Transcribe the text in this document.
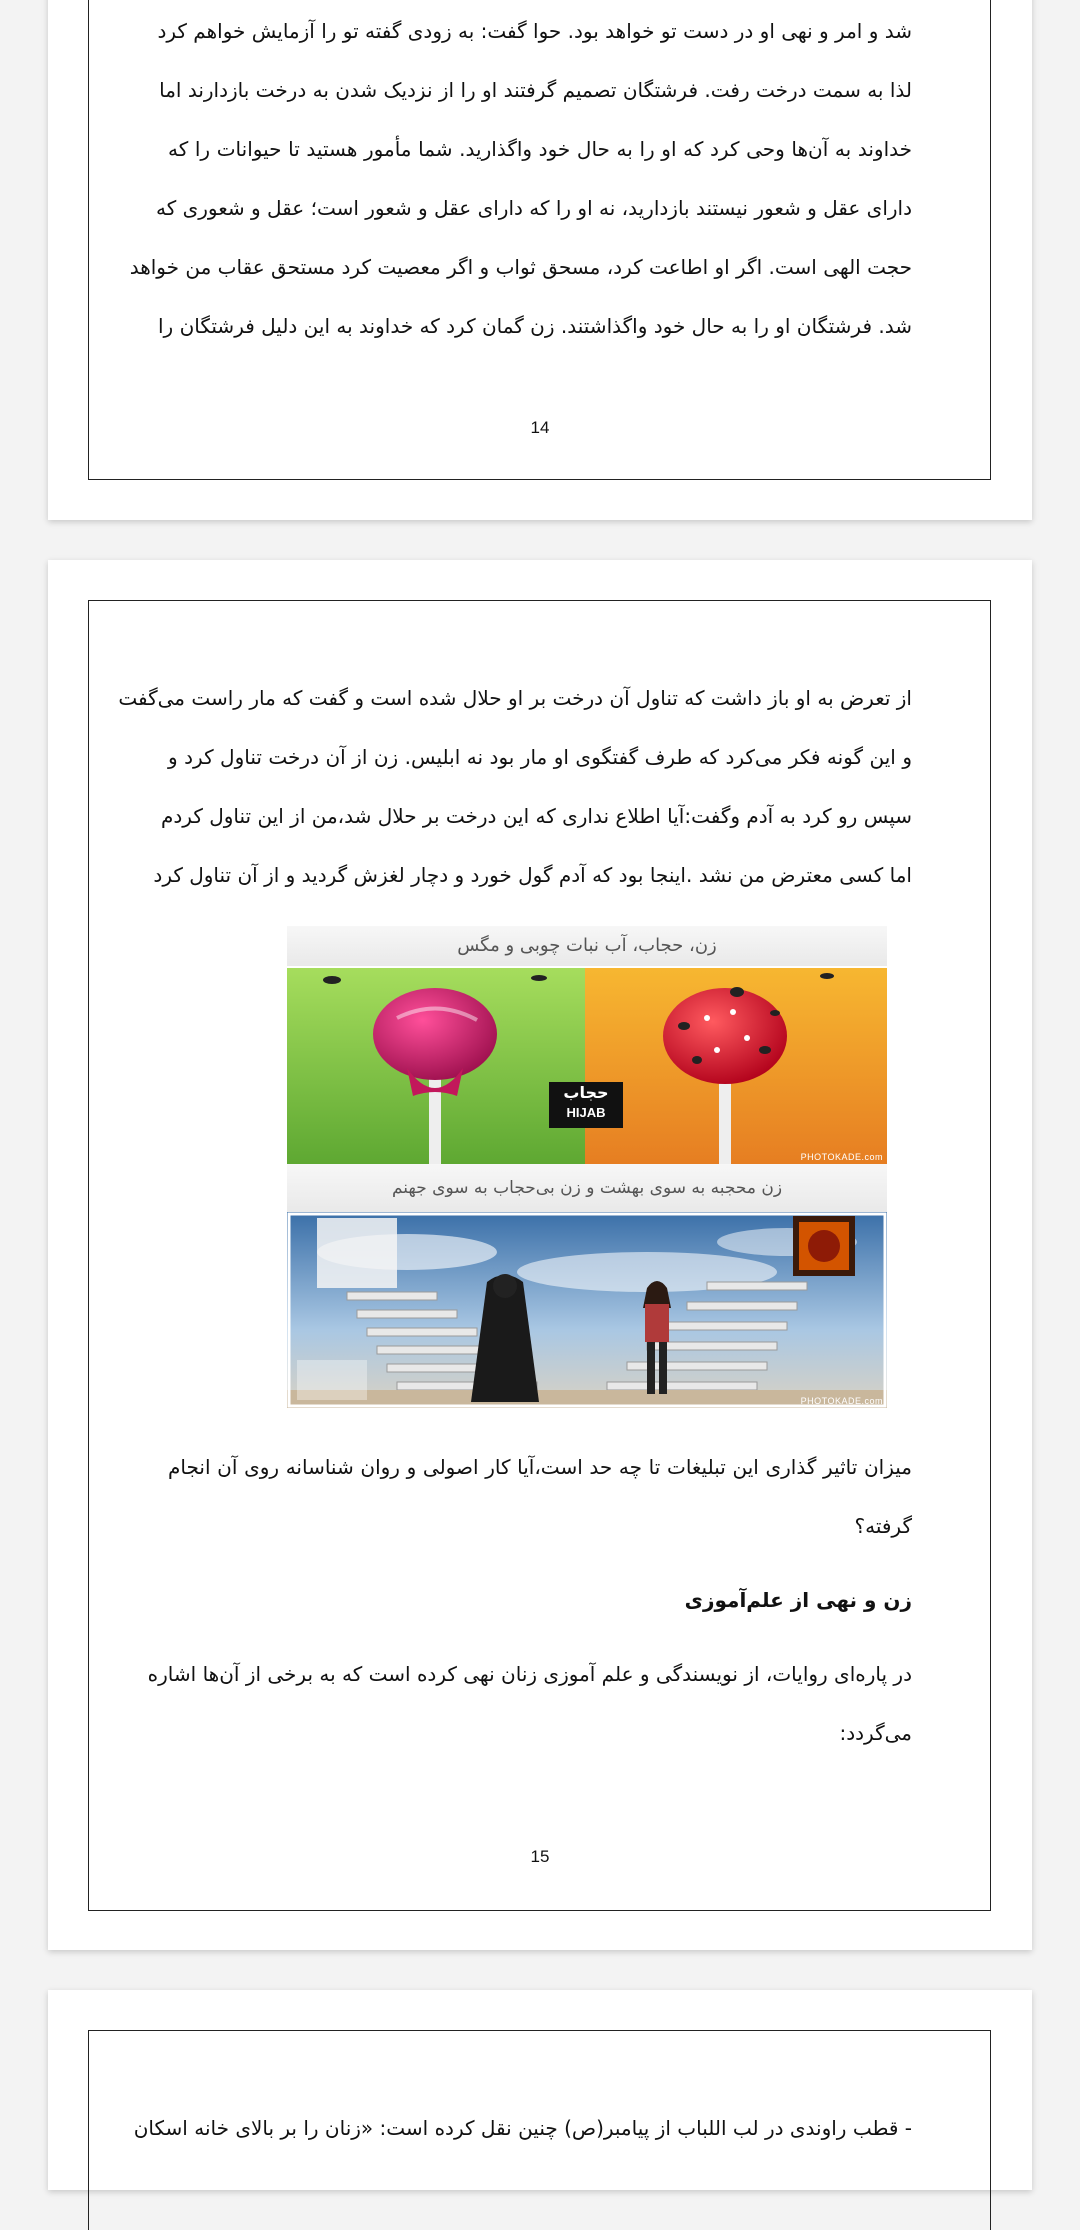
شد و امر و نهی او در دست تو خواهد بود. حوا گفت: به زودی گفته تو را آزمایش خواهم کرد
لذا به سمت درخت رفت. فرشتگان تصمیم گرفتند او را از نزدیک شدن به درخت بازدارند اما
خداوند به آن‌ها وحی کرد که او را به حال خود واگذارید. شما مأمور هستید تا حیوانات را که
دارای عقل و شعور نیستند بازدارید، نه او را که دارای عقل و شعور است؛ عقل و شعوری که
حجت الهی است. اگر او اطاعت کرد، مسحق ثواب و اگر معصیت کرد مستحق عقاب من خواهد
شد. فرشتگان او را به حال خود واگذاشتند. زن گمان کرد که خداوند به این دلیل فرشتگان را
14
از تعرض به او باز داشت که تناول آن درخت بر او حلال شده است و گفت که مار راست می‌گفت
و این گونه فکر می‌کرد که طرف گفتگوی او مار بود نه ابلیس. زن از آن درخت تناول کرد و
سپس رو کرد به آدم وگفت:آیا اطلاع نداری که این درخت بر حلال شد،من از این تناول کردم
اما کسی معترض من نشد .اینجا بود که آدم گول خورد و دچار لغزش گردید و از آن تناول کرد
زن، حجاب، آب نبات چوبی و مگس
حجاب
HIJAB
PHOTOKADE.com
زن محجبه به سوی بهشت و زن بی‌حجاب به سوی جهنم
PHOTOKADE.com
میزان تاثیر گذاری این تبلیغات تا چه حد است،آیا کار اصولی و روان شناسانه روی آن انجام
گرفته؟
زن و نهی از علم‌آموزی
در پاره‌ای روایات، از نویسندگی و علم آموزی زنان نهی کرده است که به برخی از آن‌ها اشاره
می‌گردد:
15
- قطب راوندی در لب اللباب از پیامبر(ص) چنین نقل کرده است: «زنان را بر بالای خانه اسکان
